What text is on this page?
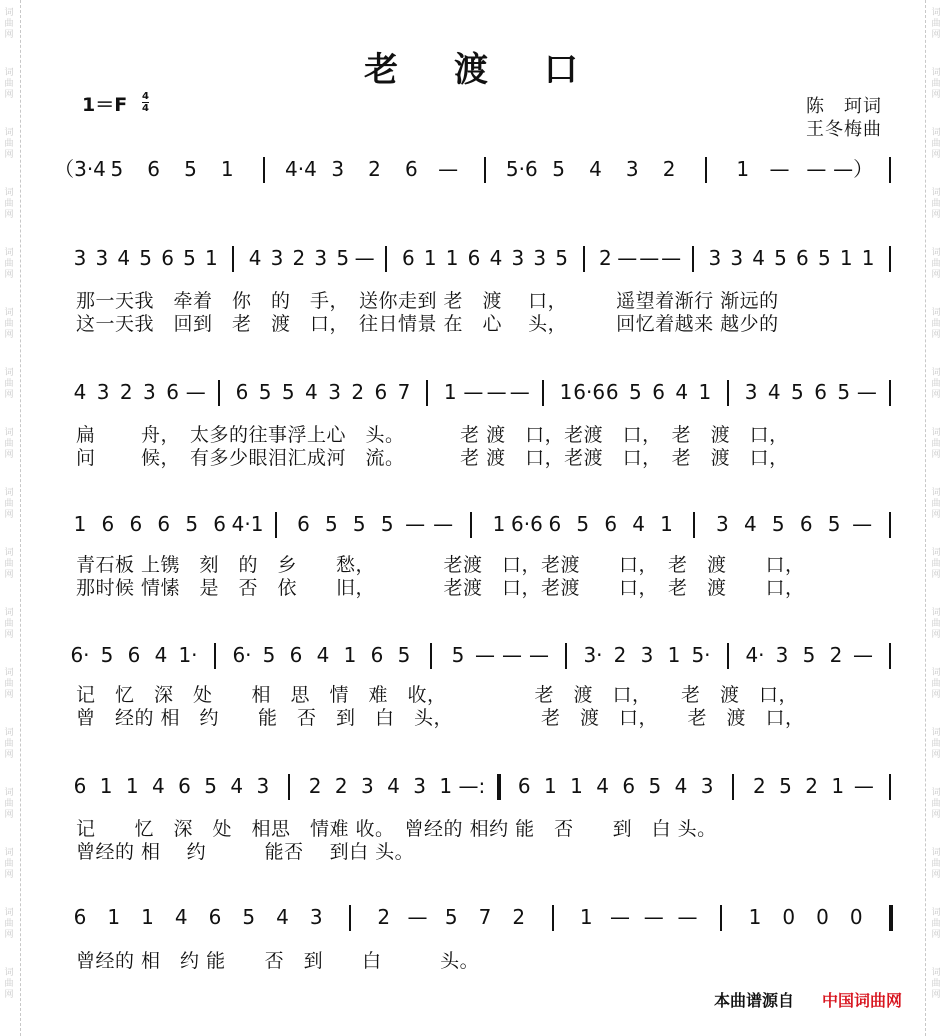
词曲网
词曲网
词曲网
词曲网
词曲网
词曲网
词曲网
词曲网
词曲网
词曲网
词曲网
词曲网
词曲网
词曲网
词曲网
词曲网
词曲网
词曲网
词曲网
词曲网
词曲网
词曲网
词曲网
词曲网
词曲网
词曲网
词曲网
词曲网
词曲网
词曲网
词曲网
词曲网
词曲网
词曲网
老 渡 口
1＝F 4
4	陈　珂词
王冬梅曲
（3·4 5 6 5 1	4·4 3 2 6 — 5·6 5 4 3 2	1 — — —）
3 3 4 5 6 5 1 4 3 2 3 5 — 6 1 1 6 4 3 3 5 2 — — — 3 3 4 5 6 5 1 1
4 3 2 3 6 — 6 5 5 4 3 2 6 7 1 — — — 1 6·6 6 5 6 4 1 3 4 5 6 5 —
1 6 6 6 5 6 4·1 6 5 5 5 — — 1 6·6 6 5 6 4 1 3 4 5 6 5 —
6· 5 6 4 1· 6· 5 6 4 1 6 5 5 — — — 3· 2 3 1 5· 4· 3 5 2 —
6 1 1 4 6 5 4 3 2 2 3 4 3 1 —: 6 1 1 4 6 5 4 3 2 5 2 1 —
6 1 1 4 6 5 4 3	2 — 5 7 2	1 — — —	1 0 0 0
那一天我　牵着　你　的　手，　送你走到 老　渡　 口，　　　遥望着渐行 渐远的
这一天我　回到　老　渡　口，　往日情景 在　心　 头，　　　回忆着越来 越少的
扁　　 舟，　太多的往事浮上心　头。　　　 老 渡　口，老渡　口，　老　渡　口，
问　　 候，　有多少眼泪汇成河　流。　　　 老 渡　口，老渡　口，　老　渡　口，
青石板 上镌　刻　的　乡　　愁，　　　　老渡　口，老渡　　口，　老　渡　　口，
那时候 情愫　是　否　依　　旧，　　　　老渡　口，老渡　　口，　老　渡　　口，
记　忆　深　处　　相　思　情　难　收，　　　　　老　渡　口，　　老　渡　口，
曾　经的 相　约　　能　否　到　白　头，　　　　　老　渡　口，　　老　渡　口，
记　　忆　深　处　相思　情难 收。　曾经的 相约 能　否　　到　白 头。
曾经的 相　 约　　　能否　 到白 头。
曾经的 相　约 能　　否　到　　白　　　头。
本曲谱源自 中国词曲网
